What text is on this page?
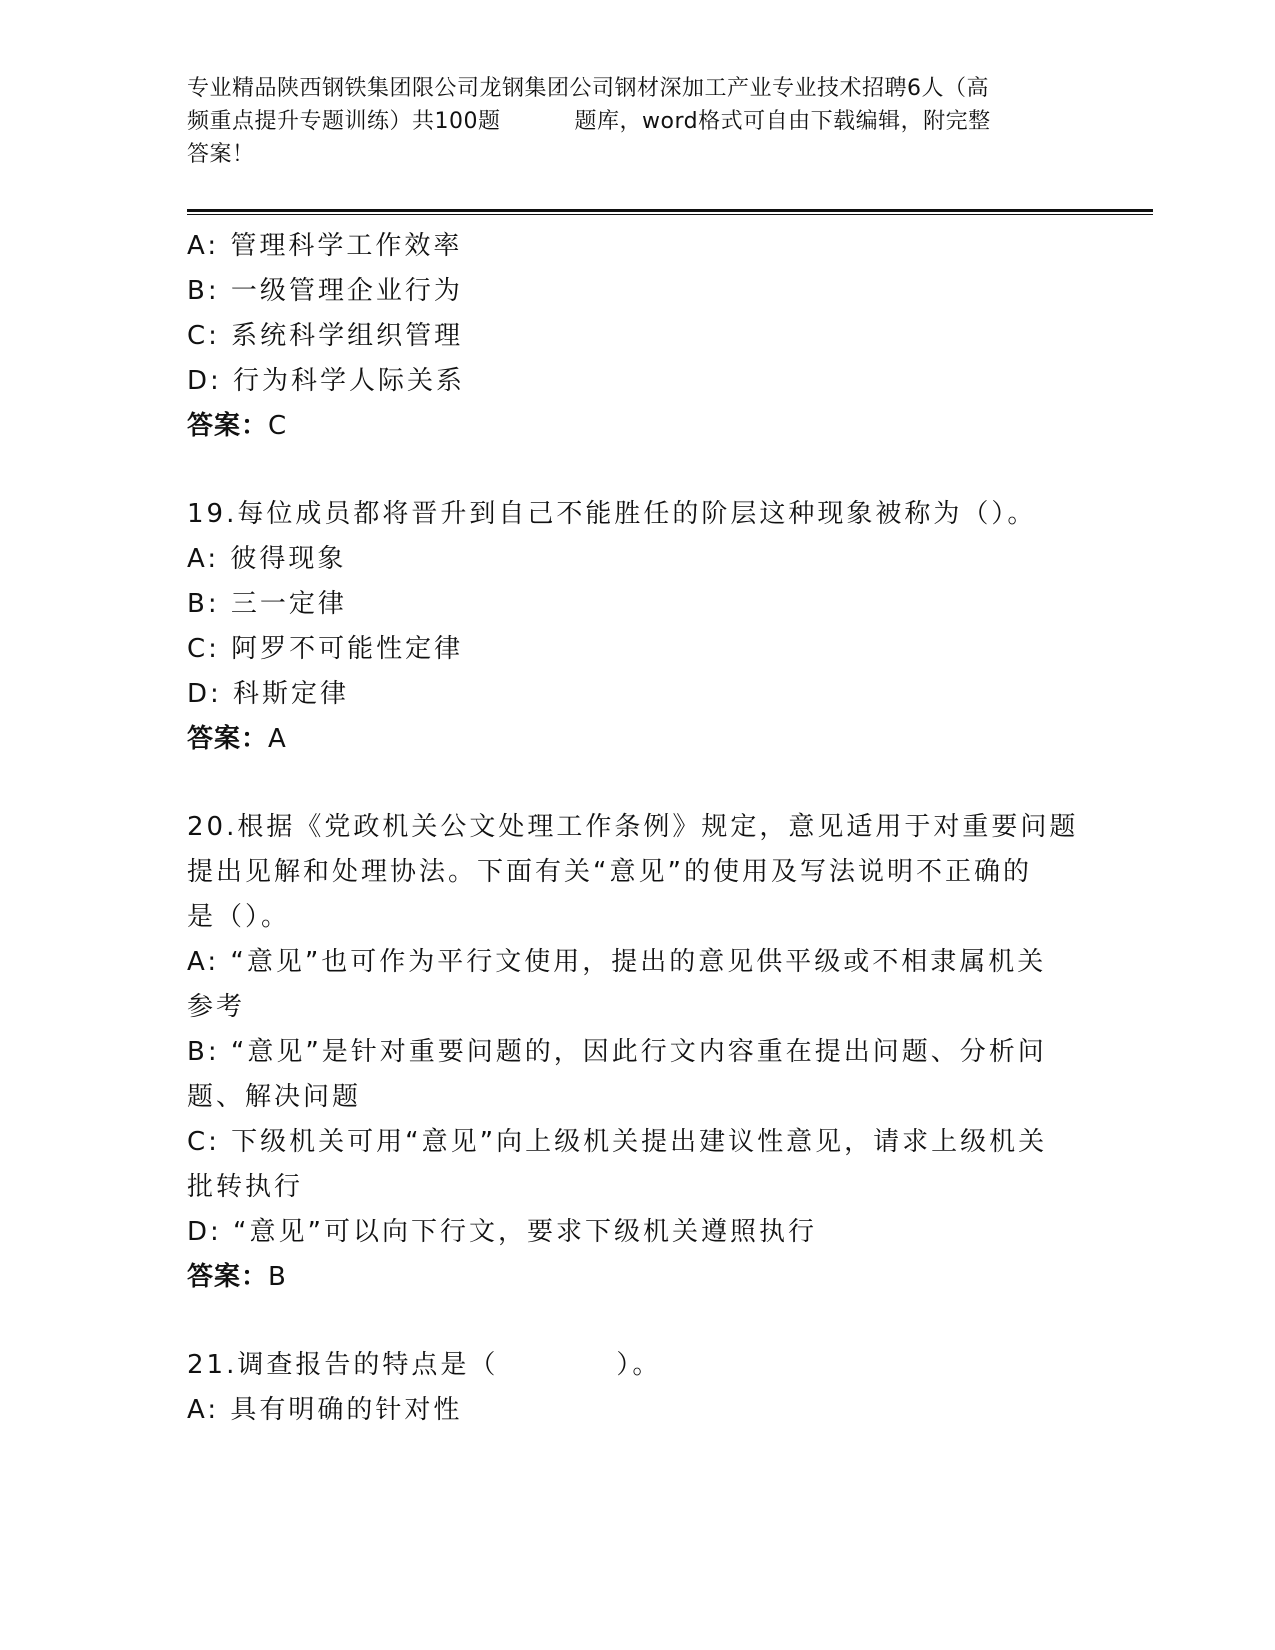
专业精品陕西钢铁集团限公司龙钢集团公司钢材深加工产业专业技术招聘6人（高
频重点提升专题训练）共100题	题库，word格式可自由下载编辑，附完整
答案！
A: 管理科学工作效率
B: 一级管理企业行为
C: 系统科学组织管理
D: 行为科学人际关系
答案：C
19.每位成员都将晋升到自己不能胜任的阶层这种现象被称为（）。
A: 彼得现象
B: 三一定律
C: 阿罗不可能性定律
D: 科斯定律
答案：A
20.根据《党政机关公文处理工作条例》规定，意见适用于对重要问题
提出见解和处理协法。下面有关“意见”的使用及写法说明不正确的
是（）。
A: “意见”也可作为平行文使用，提出的意见供平级或不相隶属机关
参考
B: “意见”是针对重要问题的，因此行文内容重在提出问题、分析问
题、解决问题
C: 下级机关可用“意见”向上级机关提出建议性意见，请求上级机关
批转执行
D: “意见”可以向下行文，要求下级机关遵照执行
答案：B
21.调查报告的特点是（	）。
A: 具有明确的针对性
